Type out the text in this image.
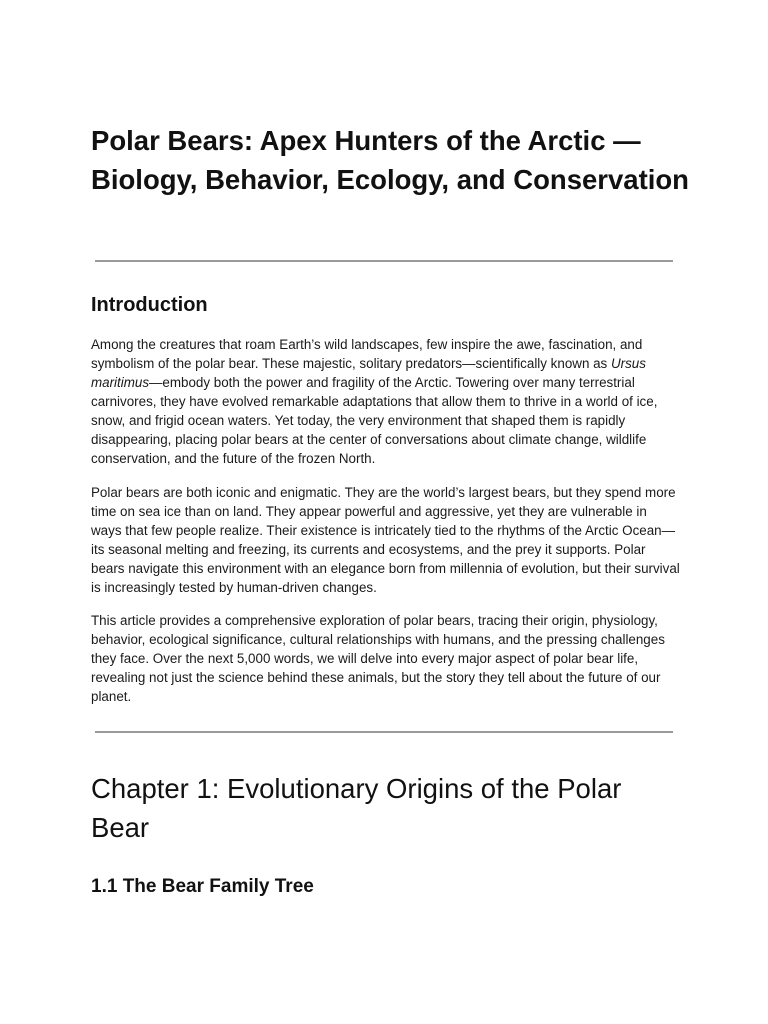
Polar Bears: Apex Hunters of the Arctic — Biology, Behavior, Ecology, and Conservation
Introduction

Among the creatures that roam Earth’s wild landscapes, few inspire the awe, fascination, and symbolism of the polar bear. These majestic, solitary predators—scientifically known as Ursus maritimus—embody both the power and fragility of the Arctic. Towering over many terrestrial carnivores, they have evolved remarkable adaptations that allow them to thrive in a world of ice, snow, and frigid ocean waters. Yet today, the very environment that shaped them is rapidly disappearing, placing polar bears at the center of conversations about climate change, wildlife conservation, and the future of the frozen North.

Polar bears are both iconic and enigmatic. They are the world’s largest bears, but they spend more time on sea ice than on land. They appear powerful and aggressive, yet they are vulnerable in ways that few people realize. Their existence is intricately tied to the rhythms of the Arctic Ocean—its seasonal melting and freezing, its currents and ecosystems, and the prey it supports. Polar bears navigate this environment with an elegance born from millennia of evolution, but their survival is increasingly tested by human-driven changes.

This article provides a comprehensive exploration of polar bears, tracing their origin, physiology, behavior, ecological significance, cultural relationships with humans, and the pressing challenges they face. Over the next 5,000 words, we will delve into every major aspect of polar bear life, revealing not just the science behind these animals, but the story they tell about the future of our planet.

Chapter 1: Evolutionary Origins of the Polar Bear
1.1 The Bear Family Tree
